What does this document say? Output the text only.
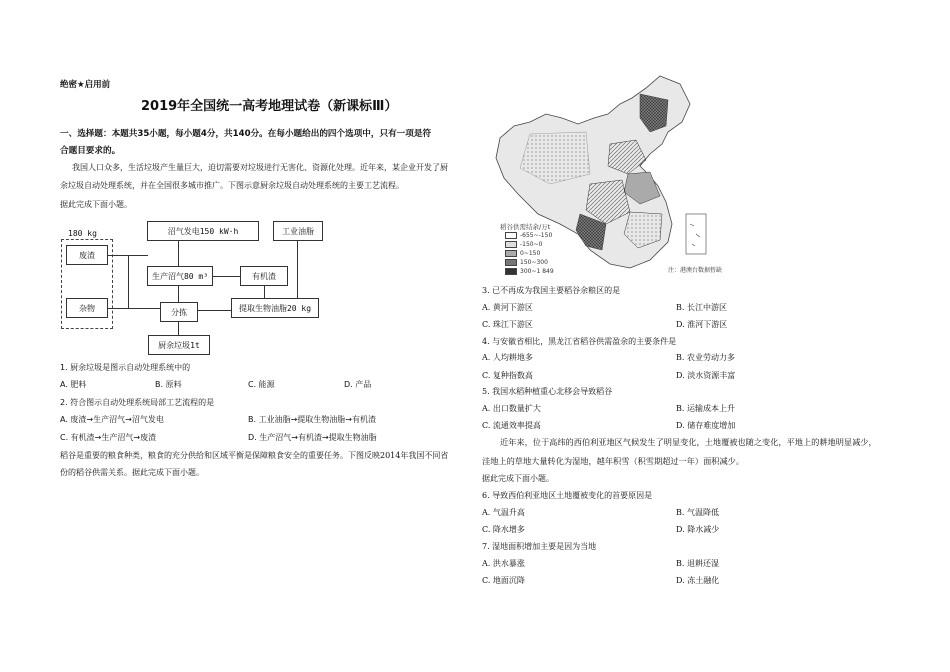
绝密★启用前
2019年全国统一高考地理试卷（新课标Ⅲ）
一、选择题：本题共35小题，每小题4分，共140分。在每小题给出的四个选项中，只有一项是符
合题目要求的。
我国人口众多，生活垃圾产生量巨大，迫切需要对垃圾进行无害化、资源化处理。近年来，某企业开发了厨
余垃圾自动处理系统，并在全国很多城市推广。下图示意厨余垃圾自动处理系统的主要工艺流程。
据此完成下面小题。
180 kg
废渣
杂物
沼气发电150 kW·h	工业油脂
生产沼气80 m³	有机渣
分拣	提取生物油脂20 kg
厨余垃圾1t
1. 厨余垃圾是图示自动处理系统中的
A. 肥料	B. 原料	C. 能源	D. 产品
2. 符合图示自动处理系统局部工艺流程的是
A. 废渣→生产沼气→沼气发电	B. 工业油脂→提取生物油脂→有机渣
C. 有机渣→生产沼气→废渣	D. 生产沼气→有机渣→提取生物油脂
稻谷是重要的粮食种类，粮食的充分供给和区域平衡是保障粮食安全的重要任务。下图反映2014年我国不同省
份的稻谷供需关系。据此完成下面小题。
稻谷供需结余/万t
-655~-150
-150~0
0~150
150~300
300~1 849	注：港澳台数据暂缺
3. 已不再成为我国主要稻谷余粮区的是
A. 黄河下游区	B. 长江中游区
C. 珠江下游区	D. 淮河下游区
4. 与安徽省相比，黑龙江省稻谷供需盈余的主要条件是
A. 人均耕地多	B. 农业劳动力多
C. 复种指数高	D. 淡水资源丰富
5. 我国水稻种植重心北移会导致稻谷
A. 出口数量扩大	B. 运输成本上升
C. 流通效率提高	D. 储存难度增加
近年来，位于高纬的西伯利亚地区气候发生了明显变化，土地覆被也随之变化，平地上的耕地明显减少，
洼地上的草地大量转化为湿地，越年积雪（积雪期超过一年）面积减少。
据此完成下面小题。
6. 导致西伯利亚地区土地覆被变化的首要原因是
A. 气温升高	B. 气温降低
C. 降水增多	D. 降水减少
7. 湿地面积增加主要是因为当地
A. 洪水暴涨	B. 退耕还湿
C. 地面沉降	D. 冻土融化
